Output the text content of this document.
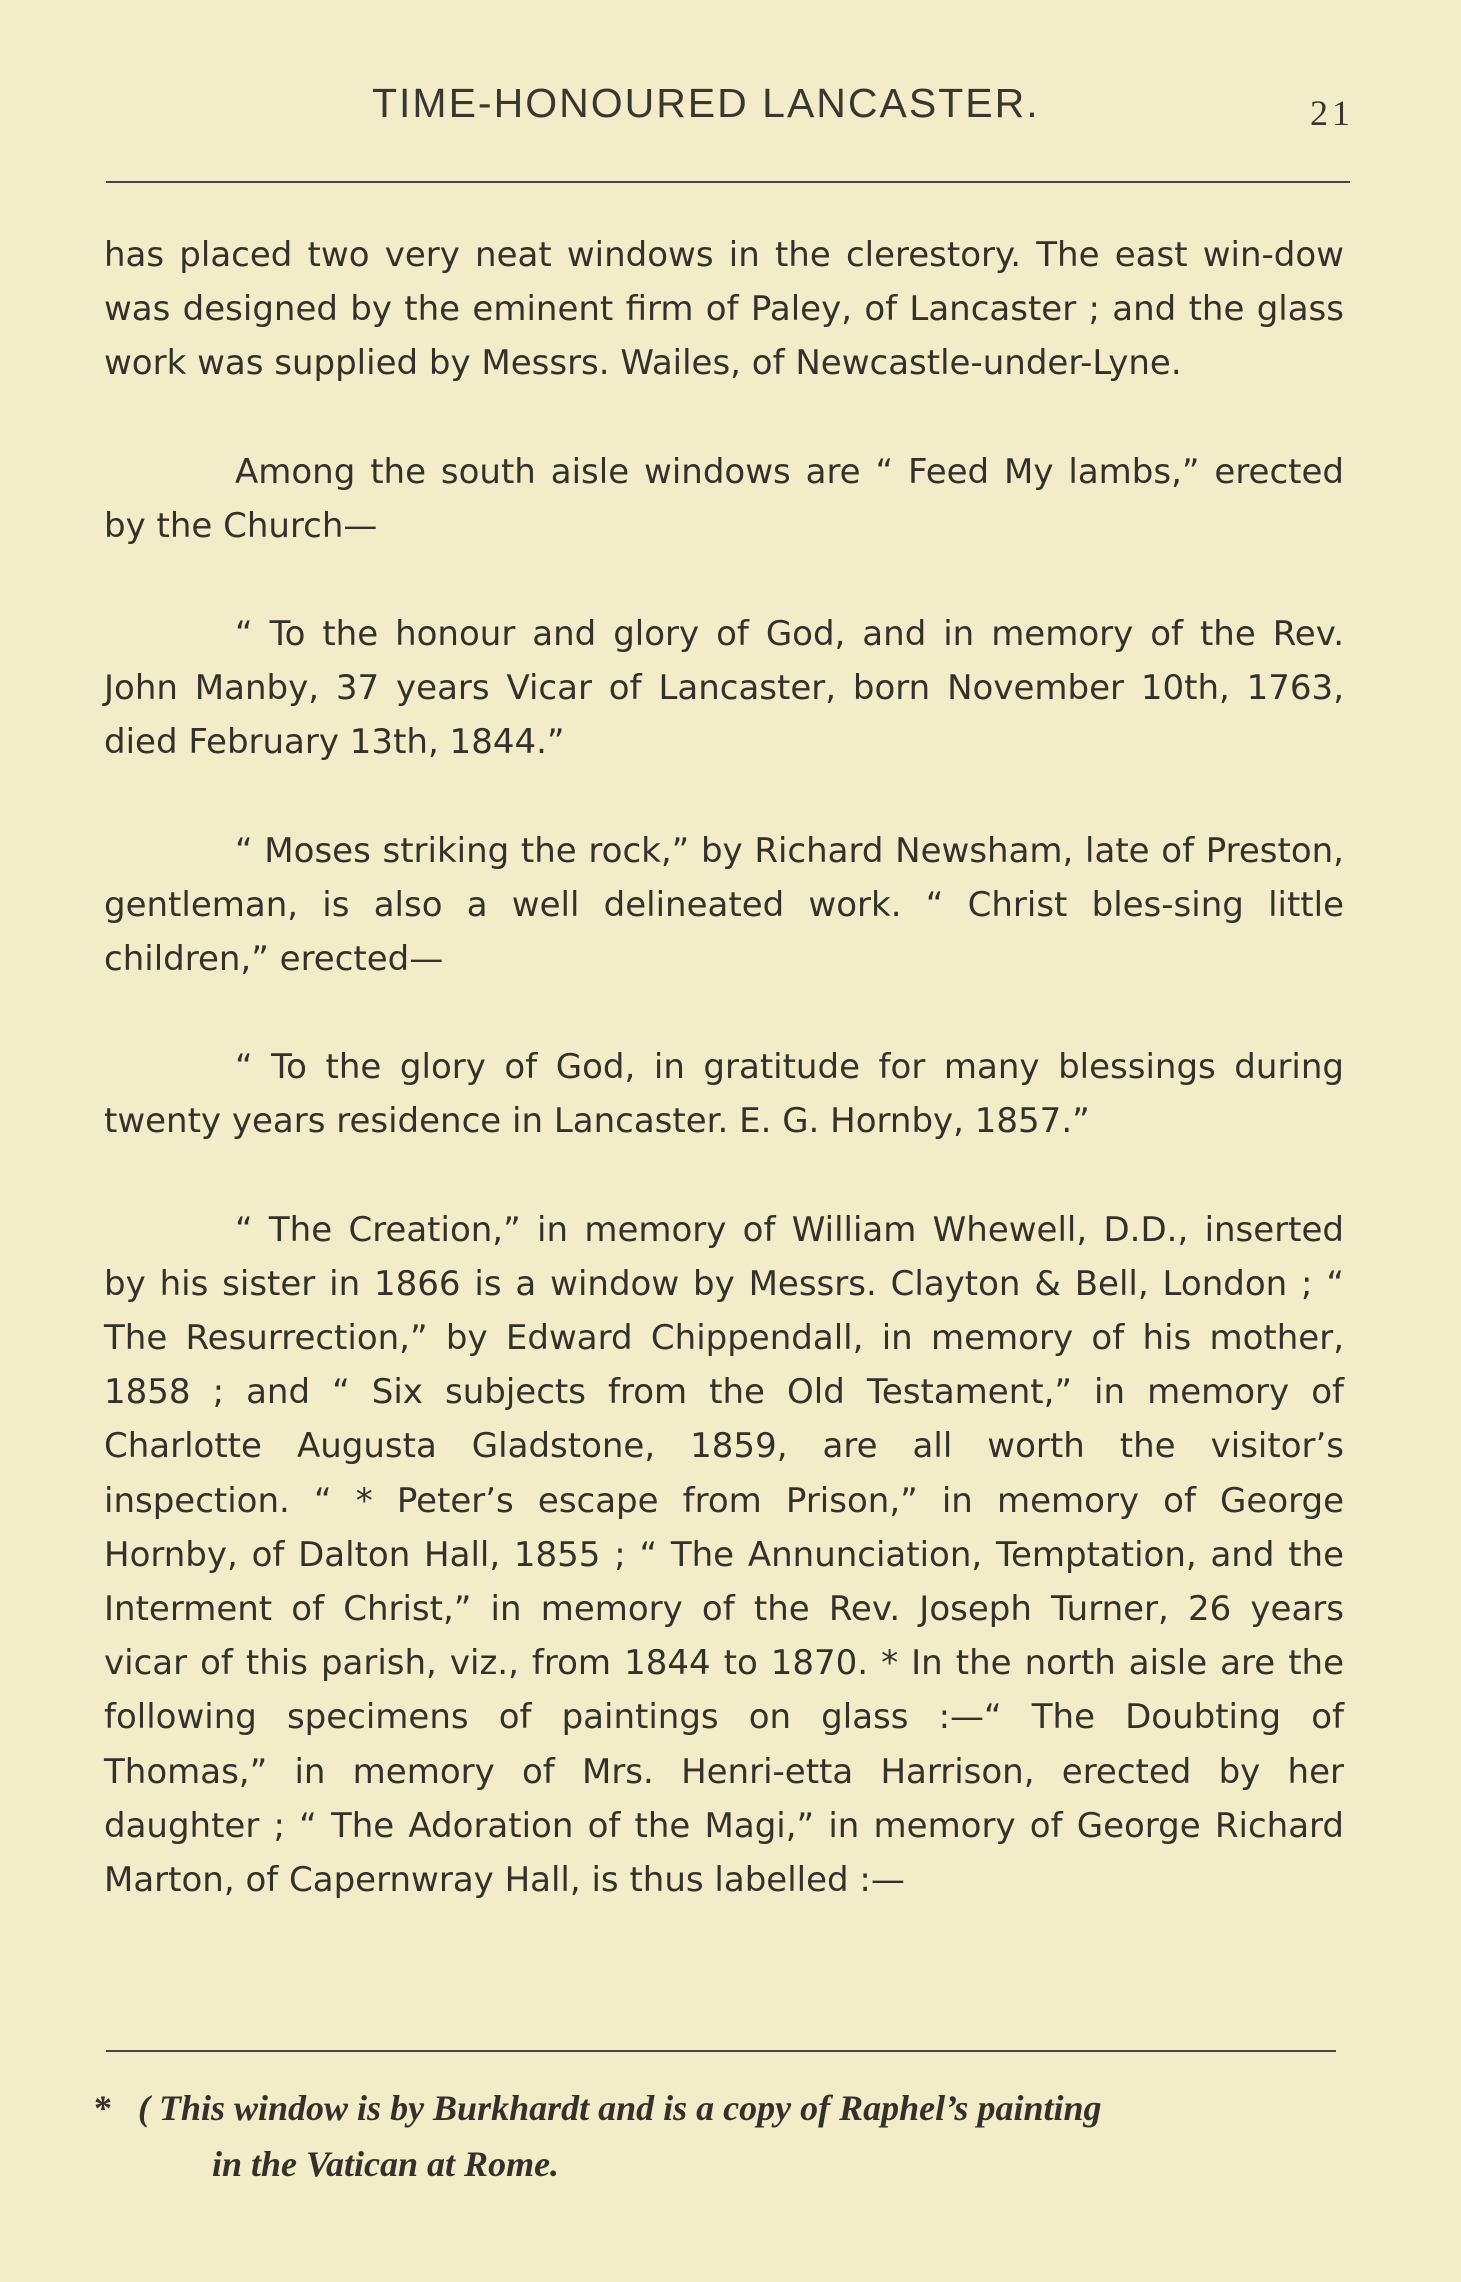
TIME-HONOURED LANCASTER.	21

has placed two very neat windows in the clerestory. The east win-dow was designed by the eminent firm of Paley, of Lancaster ; and the glass work was supplied by Messrs. Wailes, of Newcastle-under-Lyne.

Among the south aisle windows are “ Feed My lambs,” erected by the Church—

“ To the honour and glory of God, and in memory of the Rev. John Manby, 37 years Vicar of Lancaster, born November 10th, 1763, died February 13th, 1844.”

“ Moses striking the rock,” by Richard Newsham, late of Preston, gentleman, is also a well delineated work. “ Christ bles-sing little children,” erected—

“ To the glory of God, in gratitude for many blessings during twenty years residence in Lancaster. E. G. Hornby, 1857.”

“ The Creation,” in memory of William Whewell, D.D., inserted by his sister in 1866 is a window by Messrs. Clayton & Bell, London ; “ The Resurrection,” by Edward Chippendall, in memory of his mother, 1858 ; and “ Six subjects from the Old Testament,” in memory of Charlotte Augusta Gladstone, 1859, are all worth the visitor’s inspection. “ * Peter’s escape from Prison,” in memory of George Hornby, of Dalton Hall, 1855 ; “ The Annunciation, Temptation, and the Interment of Christ,” in memory of the Rev. Joseph Turner, 26 years vicar of this parish, viz., from 1844 to 1870. * In the north aisle are the following specimens of paintings on glass :—“ The Doubting of Thomas,” in memory of Mrs. Henri-etta Harrison, erected by her daughter ; “ The Adoration of the Magi,” in memory of George Richard Marton, of Capernwray Hall, is thus labelled :—

* ( This window is by Burkhardt and is a copy of Raphel’s painting
in the Vatican at Rome.
